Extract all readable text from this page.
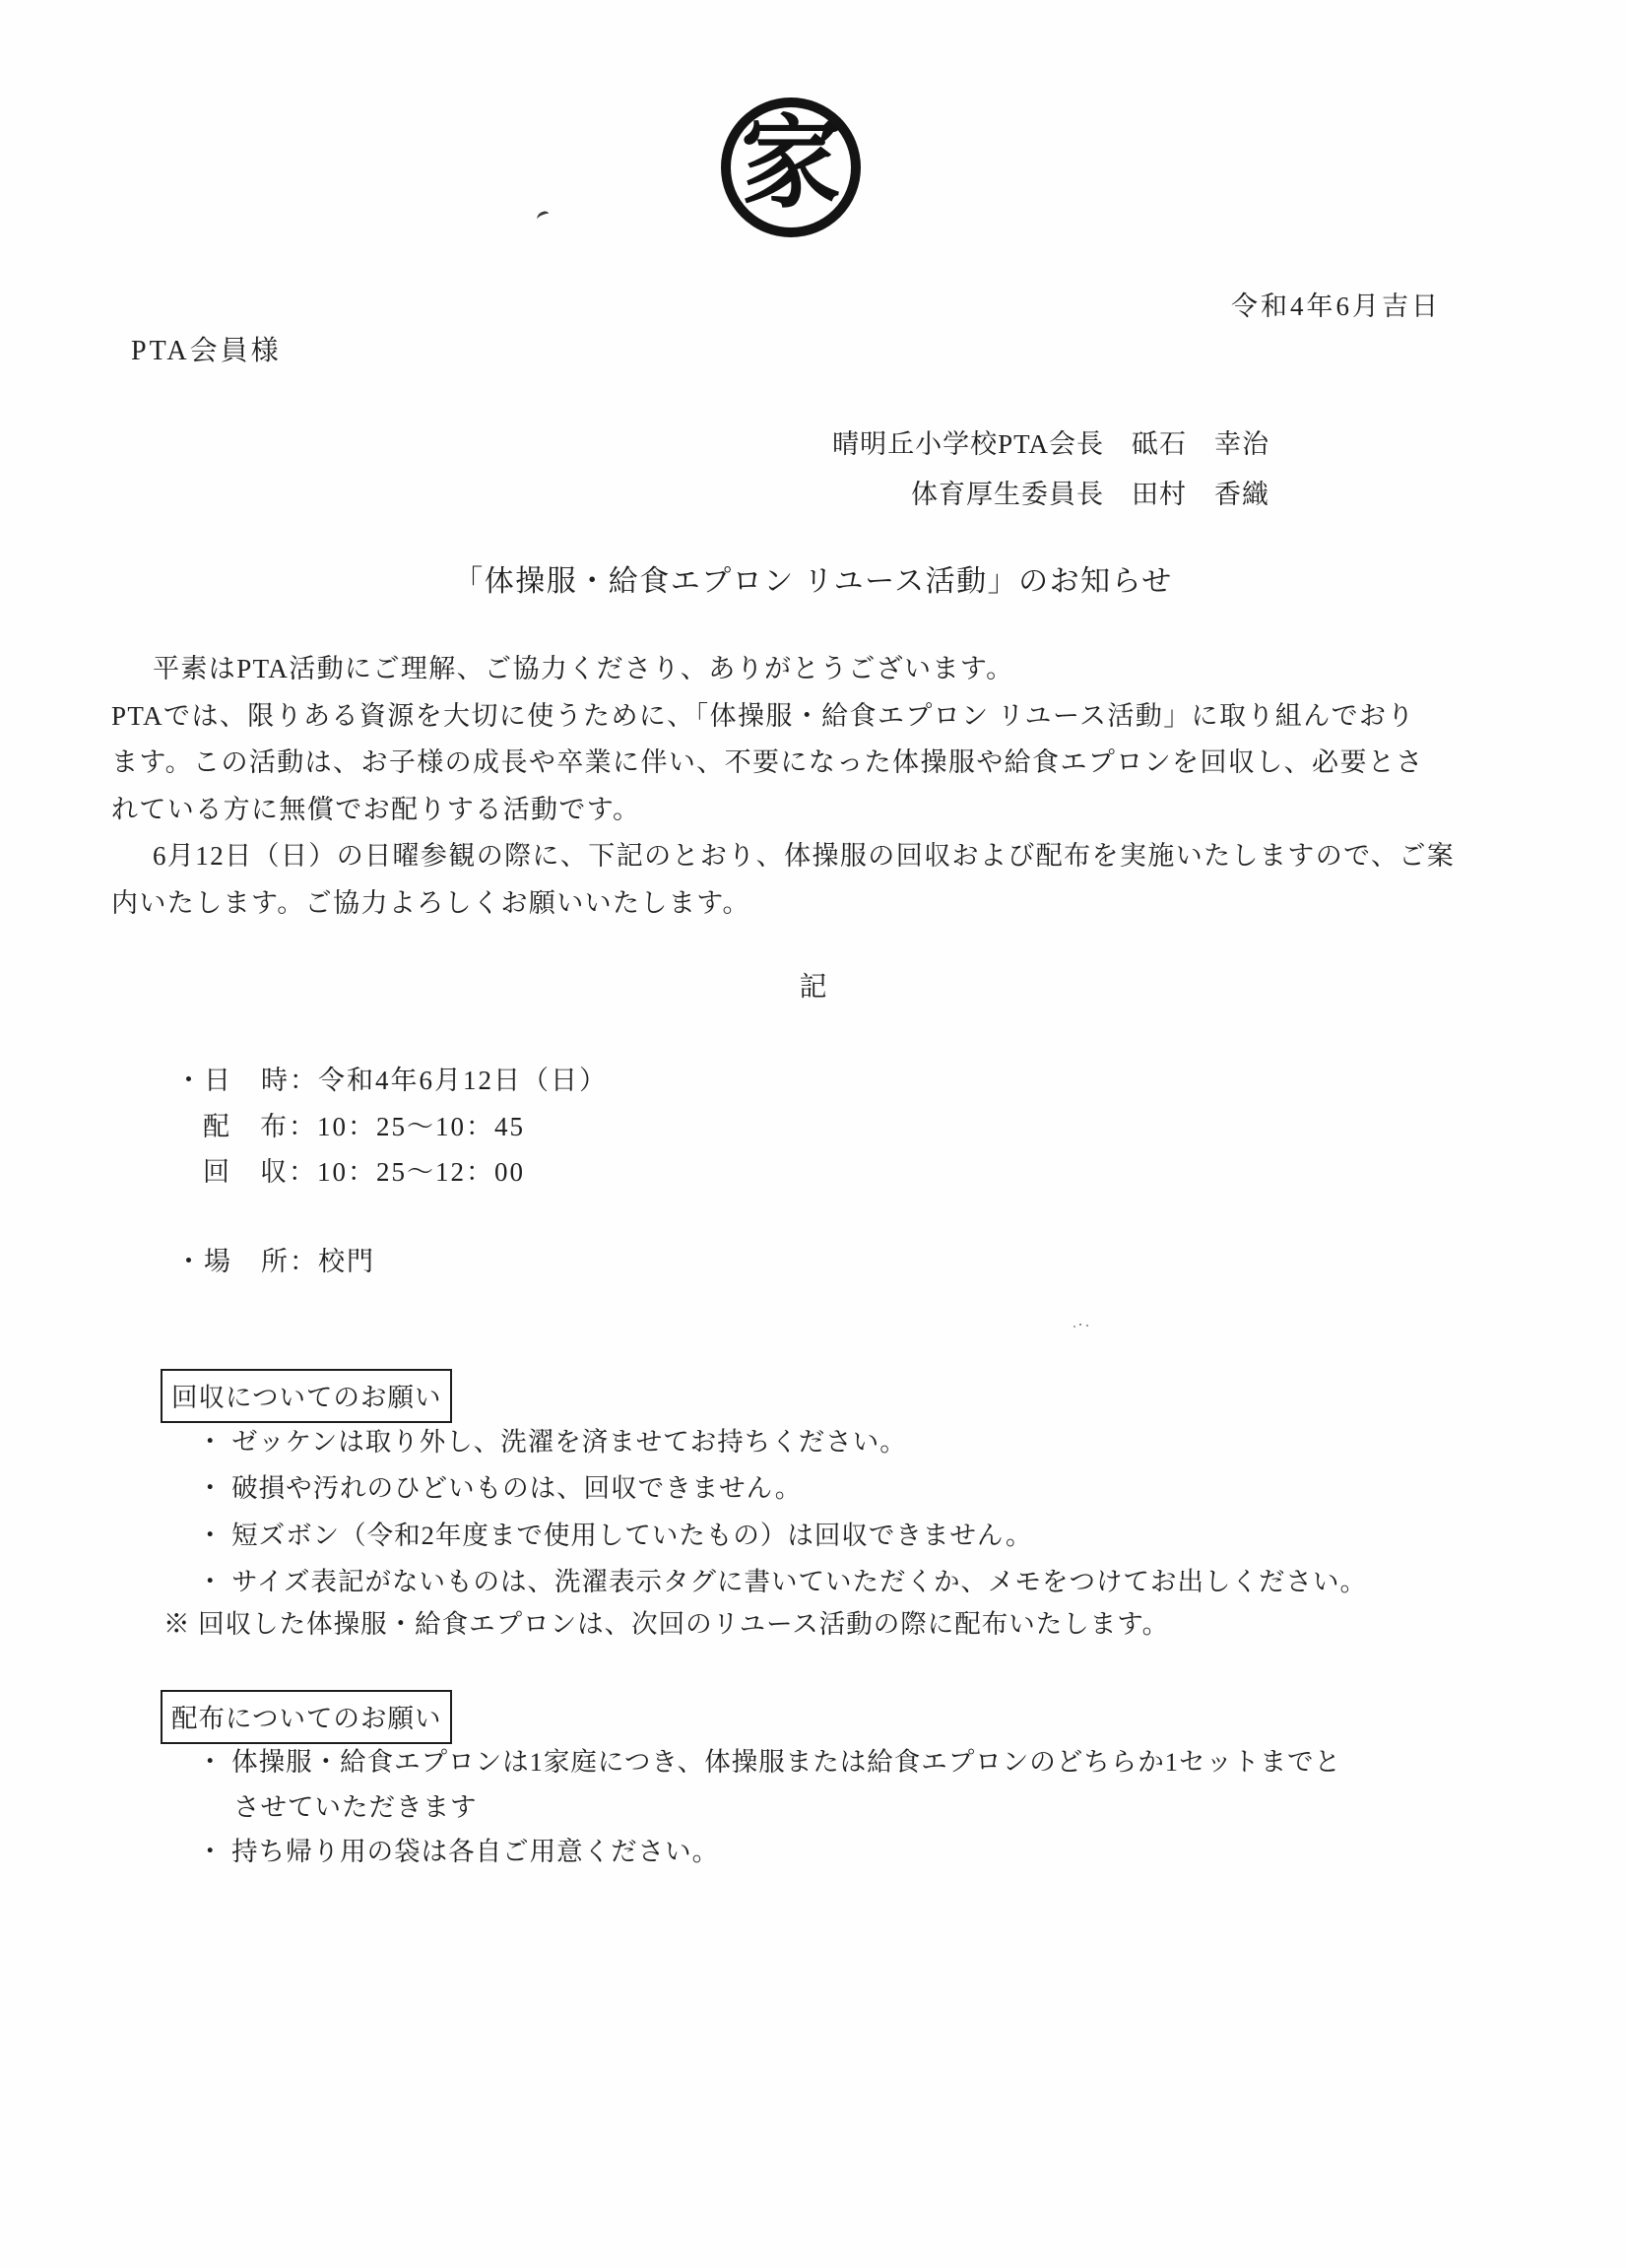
家
令和4年6月吉日
PTA会員様
晴明丘小学校PTA会長　砥石　幸治
体育厚生委員長　田村　香織
「体操服・給食エプロン リユース活動」のお知らせ
平素はPTA活動にご理解、ご協力くださり、ありがとうございます。
PTAでは、限りある資源を大切に使うために、「体操服・給食エプロン リユース活動」に取り組んでおり
ます。この活動は、お子様の成長や卒業に伴い、不要になった体操服や給食エプロンを回収し、必要とさ
れている方に無償でお配りする活動です。
6月12日（日）の日曜参観の際に、下記のとおり、体操服の回収および配布を実施いたしますので、ご案
内いたします。ご協力よろしくお願いいたします。
記
・日　時：令和4年6月12日（日）
配　布：10：25～10：45
回　収：10：25～12：00
・場　所：校門
回収についてのお願い
・ ゼッケンは取り外し、洗濯を済ませてお持ちください。
・ 破損や汚れのひどいものは、回収できません。
・ 短ズボン（令和2年度まで使用していたもの）は回収できません。
・ サイズ表記がないものは、洗濯表示タグに書いていただくか、メモをつけてお出しください。
※ 回収した体操服・給食エプロンは、次回のリユース活動の際に配布いたします。
配布についてのお願い
・ 体操服・給食エプロンは1家庭につき、体操服または給食エプロンのどちらか1セットまでと
させていただきます
・ 持ち帰り用の袋は各自ご用意ください。
